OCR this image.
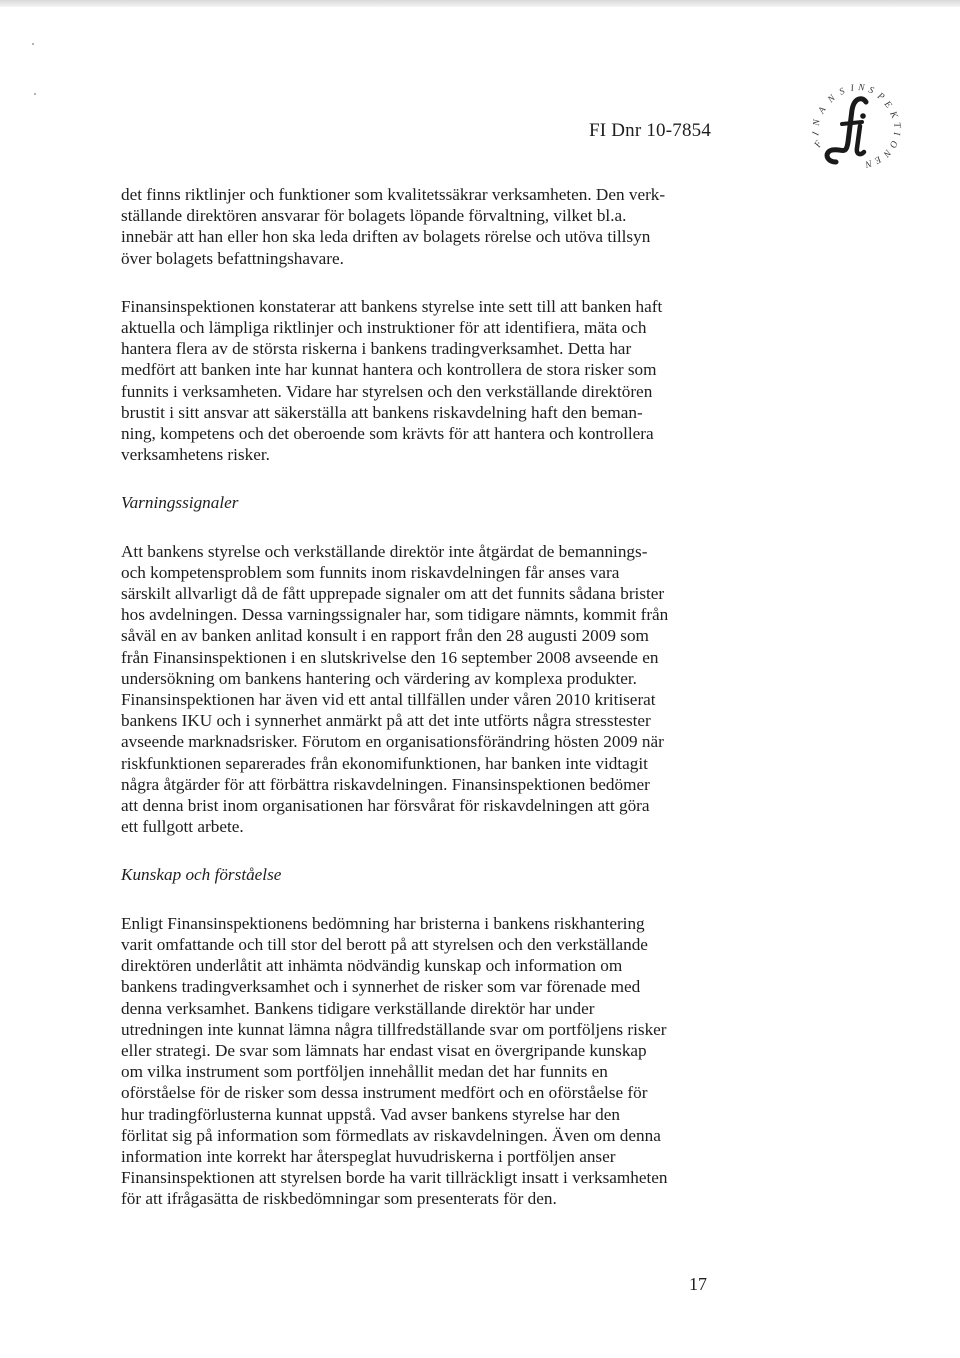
FI Dnr 10-7854
F
I
N
A
N
S I N S
P
E
K
T
I
O
N
E
N

det finns riktlinjer och funktioner som kvalitetssäkrar verksamheten. Den verk-
ställande direktören ansvarar för bolagets löpande förvaltning, vilket bl.a.
innebär att han eller hon ska leda driften av bolagets rörelse och utöva tillsyn
över bolagets befattningshavare.

Finansinspektionen konstaterar att bankens styrelse inte sett till att banken haft
aktuella och lämpliga riktlinjer och instruktioner för att identifiera, mäta och
hantera flera av de största riskerna i bankens tradingverksamhet. Detta har
medfört att banken inte har kunnat hantera och kontrollera de stora risker som
funnits i verksamheten. Vidare har styrelsen och den verkställande direktören
brustit i sitt ansvar att säkerställa att bankens riskavdelning haft den beman-
ning, kompetens och det oberoende som krävts för att hantera och kontrollera
verksamhetens risker.

Varningssignaler

Att bankens styrelse och verkställande direktör inte åtgärdat de bemannings-
och kompetensproblem som funnits inom riskavdelningen får anses vara
särskilt allvarligt då de fått upprepade signaler om att det funnits sådana brister
hos avdelningen. Dessa varningssignaler har, som tidigare nämnts, kommit från
såväl en av banken anlitad konsult i en rapport från den 28 augusti 2009 som
från Finansinspektionen i en slutskrivelse den 16 september 2008 avseende en
undersökning om bankens hantering och värdering av komplexa produkter.
Finansinspektionen har även vid ett antal tillfällen under våren 2010 kritiserat
bankens IKU och i synnerhet anmärkt på att det inte utförts några stresstester
avseende marknadsrisker. Förutom en organisationsförändring hösten 2009 när
riskfunktionen separerades från ekonomifunktionen, har banken inte vidtagit
några åtgärder för att förbättra riskavdelningen. Finansinspektionen bedömer
att denna brist inom organisationen har försvårat för riskavdelningen att göra
ett fullgott arbete.

Kunskap och förståelse

Enligt Finansinspektionens bedömning har bristerna i bankens riskhantering
varit omfattande och till stor del berott på att styrelsen och den verkställande
direktören underlåtit att inhämta nödvändig kunskap och information om
bankens tradingverksamhet och i synnerhet de risker som var förenade med
denna verksamhet. Bankens tidigare verkställande direktör har under
utredningen inte kunnat lämna några tillfredställande svar om portföljens risker
eller strategi. De svar som lämnats har endast visat en övergripande kunskap
om vilka instrument som portföljen innehållit medan det har funnits en
oförståelse för de risker som dessa instrument medfört och en oförståelse för
hur tradingförlusterna kunnat uppstå. Vad avser bankens styrelse har den
förlitat sig på information som förmedlats av riskavdelningen. Även om denna
information inte korrekt har återspeglat huvudriskerna i portföljen anser
Finansinspektionen att styrelsen borde ha varit tillräckligt insatt i verksamheten
för att ifrågasätta de riskbedömningar som presenterats för den.

17
